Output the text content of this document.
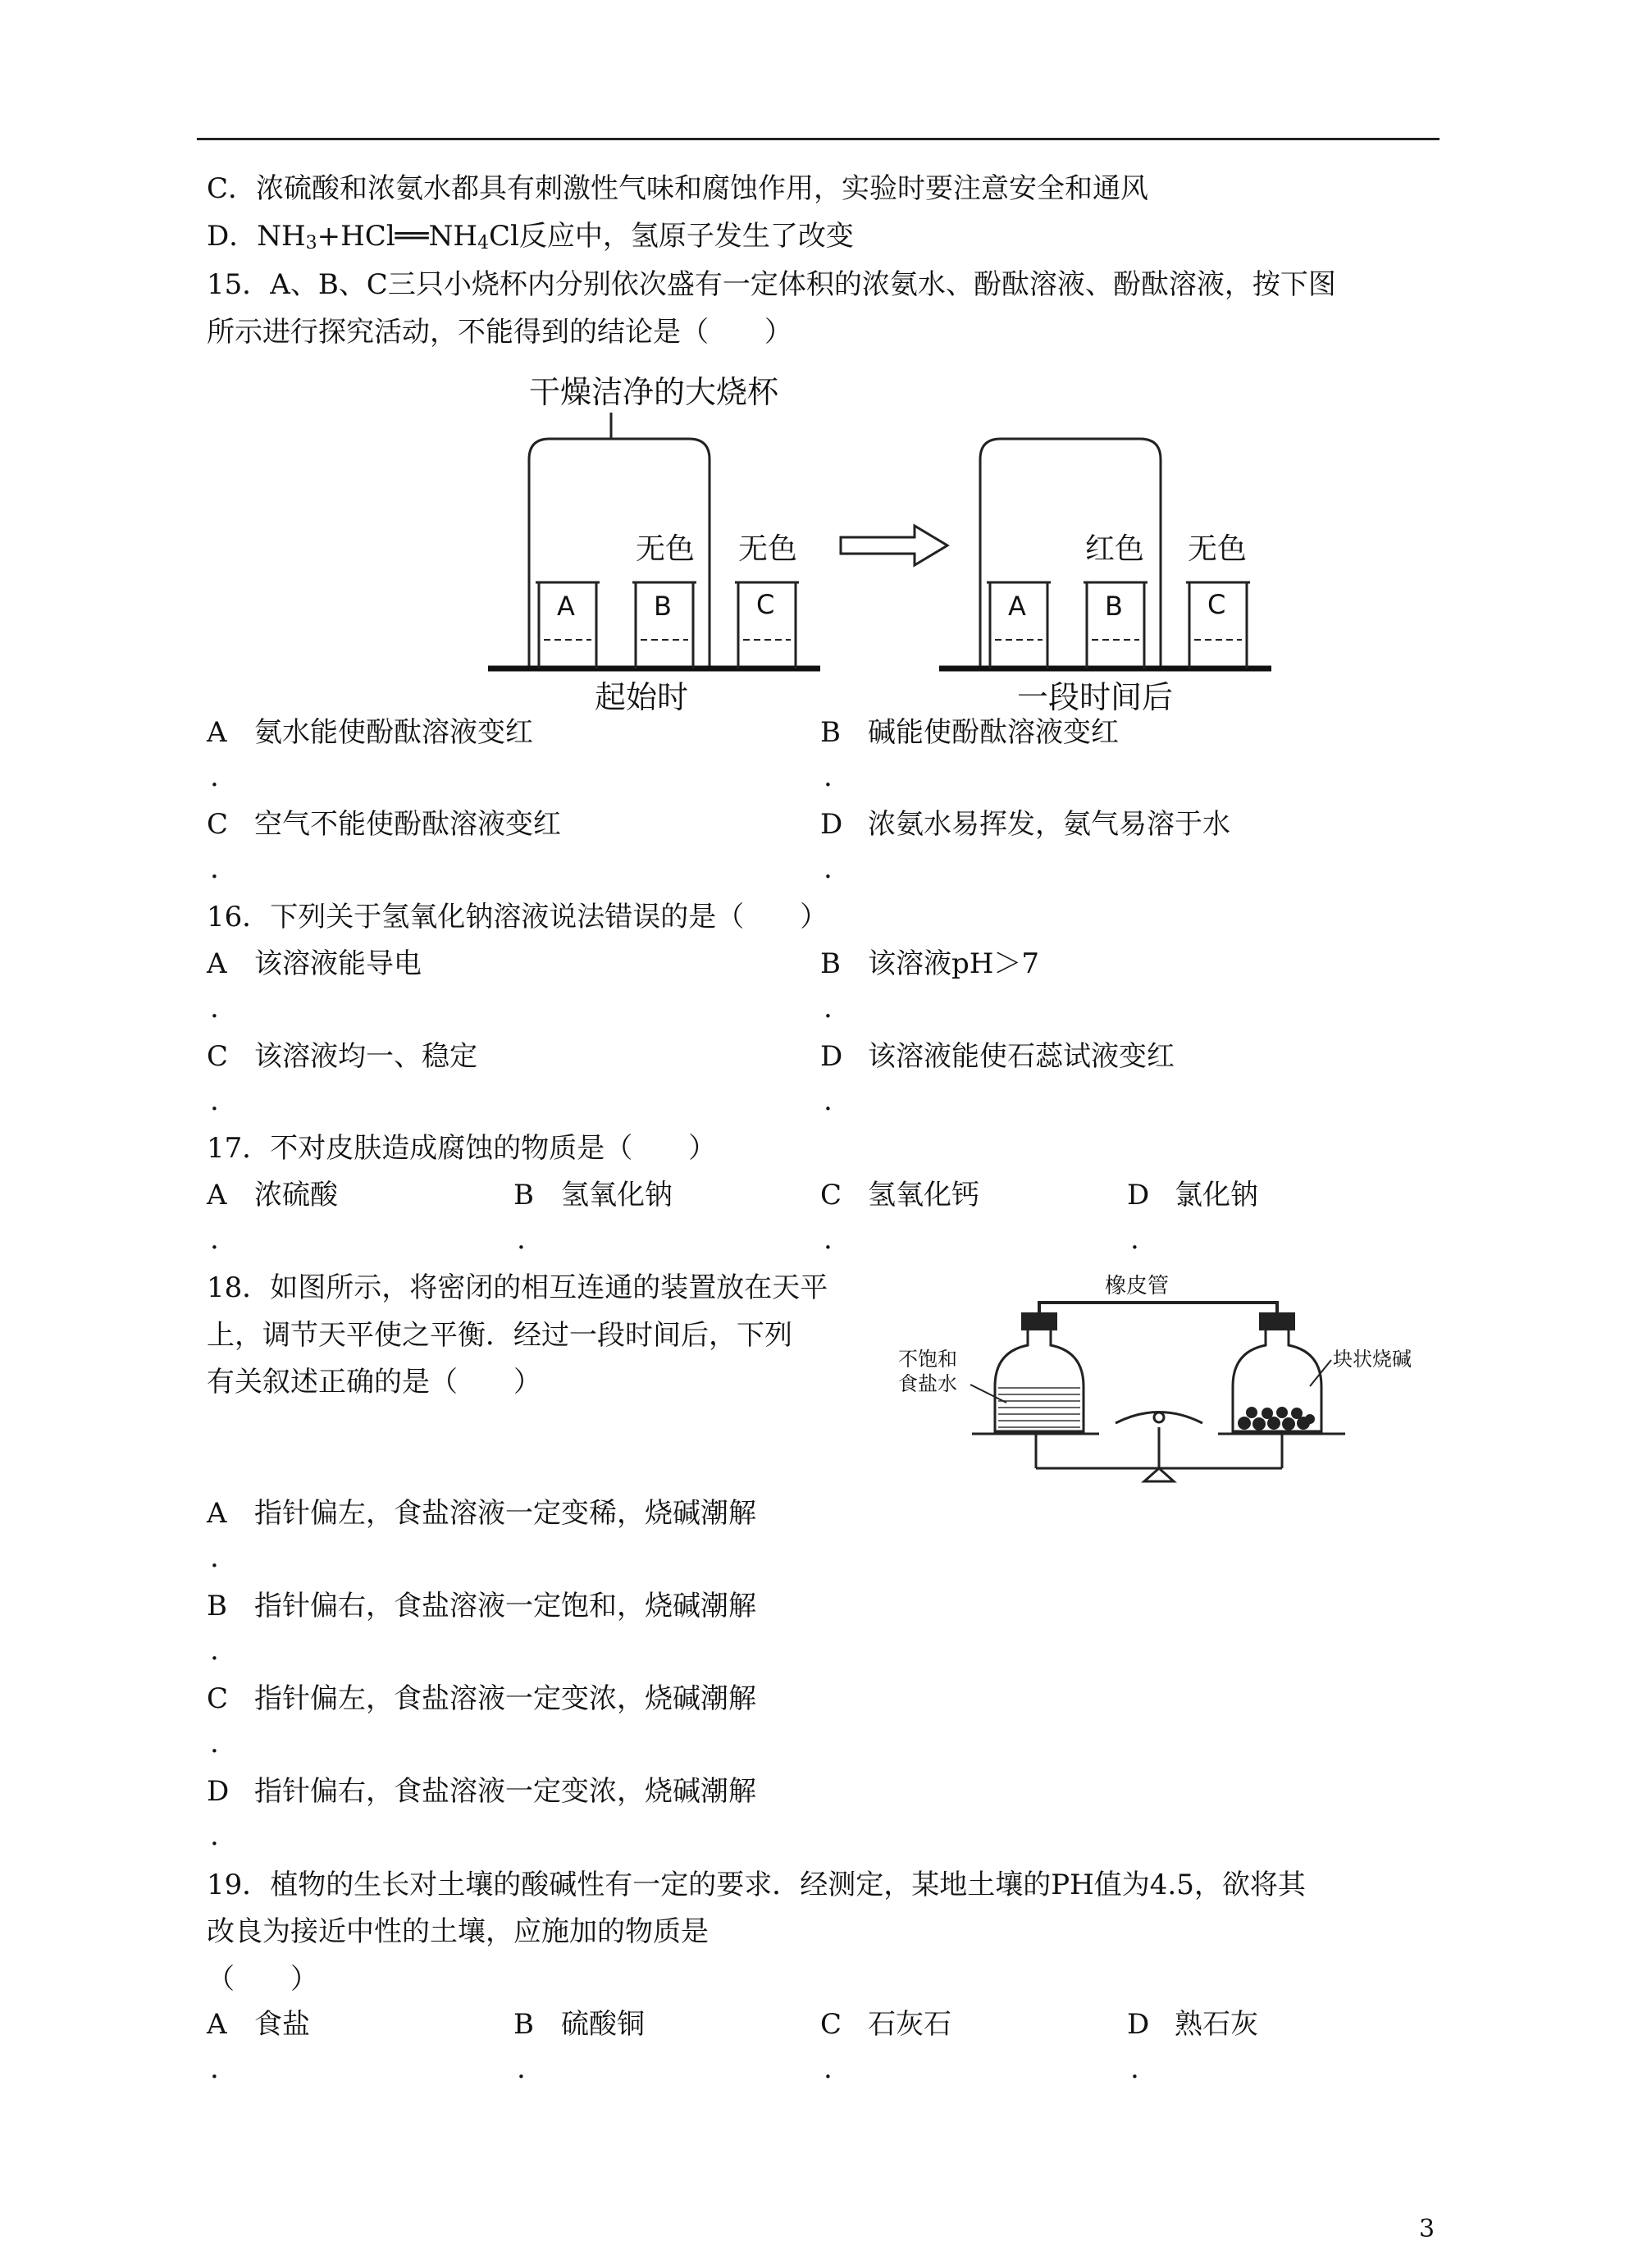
C．浓硫酸和浓氨水都具有刺激性气味和腐蚀作用，实验时要注意安全和通风
D．NH3+HCl══NH4Cl反应中，氢原子发生了改变
15．A、B、C三只小烧杯内分别依次盛有一定体积的浓氨水、酚酞溶液、酚酞溶液，按下图
所示进行探究活动，不能得到的结论是（　　）
干燥洁净的大烧杯
A	B	C
无色 无色
起始时
A	B	C
红色 无色
一段时间后
A 氨水能使酚酞溶液变红	B 碱能使酚酞溶液变红
.	.
C 空气不能使酚酞溶液变红	D 浓氨水易挥发，氨气易溶于水
.	.
16．下列关于氢氧化钠溶液说法错误的是（　　）
A 该溶液能导电	B 该溶液pH＞7
.	.
C 该溶液均一、稳定	D 该溶液能使石蕊试液变红
.	.
17．不对皮肤造成腐蚀的物质是（　　）
A 浓硫酸	B 氢氧化钠	C 氢氧化钙	D 氯化钠
.	.	.	.
18．如图所示，将密闭的相互连通的装置放在天平
上，调节天平使之平衡．经过一段时间后，下列
有关叙述正确的是（　　）
橡皮管
不饱和
食盐水
块状烧碱
A 指针偏左，食盐溶液一定变稀，烧碱潮解
.
B 指针偏右，食盐溶液一定饱和，烧碱潮解
.
C 指针偏左，食盐溶液一定变浓，烧碱潮解
.
D 指针偏右，食盐溶液一定变浓，烧碱潮解
.
19．植物的生长对土壤的酸碱性有一定的要求．经测定，某地土壤的PH值为4.5，欲将其
改良为接近中性的土壤，应施加的物质是
（　　）
A 食盐	B 硫酸铜	C 石灰石	D 熟石灰
.	.	.	.
3
